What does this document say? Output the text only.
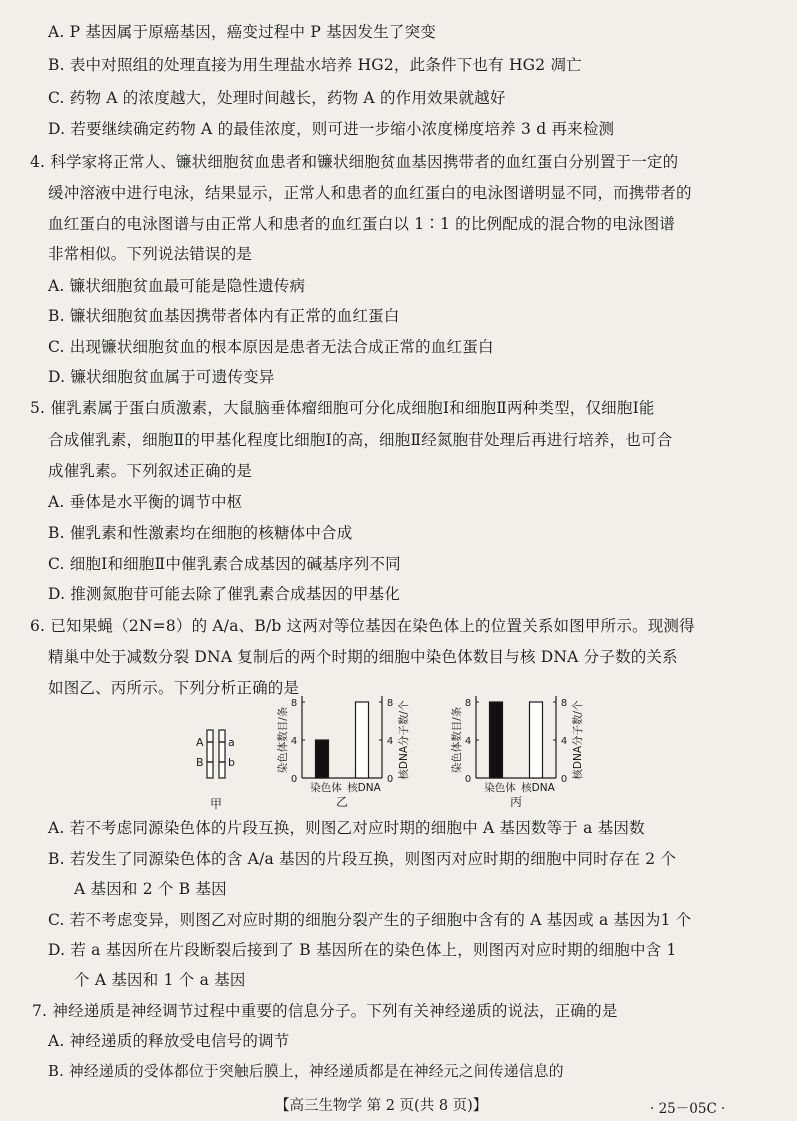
A. P 基因属于原癌基因，癌变过程中 P 基因发生了突变
B. 表中对照组的处理直接为用生理盐水培养 HG2，此条件下也有 HG2 凋亡
C. 药物 A 的浓度越大，处理时间越长，药物 A 的作用效果就越好
D. 若要继续确定药物 A 的最佳浓度，则可进一步缩小浓度梯度培养 3 d 再来检测
4. 科学家将正常人、镰状细胞贫血患者和镰状细胞贫血基因携带者的血红蛋白分别置于一定的
缓冲溶液中进行电泳，结果显示，正常人和患者的血红蛋白的电泳图谱明显不同，而携带者的
血红蛋白的电泳图谱与由正常人和患者的血红蛋白以 1∶1 的比例配成的混合物的电泳图谱
非常相似。下列说法错误的是
A. 镰状细胞贫血最可能是隐性遗传病
B. 镰状细胞贫血基因携带者体内有正常的血红蛋白
C. 出现镰状细胞贫血的根本原因是患者无法合成正常的血红蛋白
D. 镰状细胞贫血属于可遗传变异
5. 催乳素属于蛋白质激素，大鼠脑垂体瘤细胞可分化成细胞Ⅰ和细胞Ⅱ两种类型，仅细胞Ⅰ能
合成催乳素，细胞Ⅱ的甲基化程度比细胞Ⅰ的高，细胞Ⅱ经氮胞苷处理后再进行培养，也可合
成催乳素。下列叙述正确的是
A. 垂体是水平衡的调节中枢
B. 催乳素和性激素均在细胞的核糖体中合成
C. 细胞Ⅰ和细胞Ⅱ中催乳素合成基因的碱基序列不同
D. 推测氮胞苷可能去除了催乳素合成基因的甲基化
6. 已知果蝇（2N=8）的 A/a、B/b 这两对等位基因在染色体上的位置关系如图甲所示。现测得
精巢中处于减数分裂 DNA 复制后的两个时期的细胞中染色体数目与核 DNA 分子数的关系
如图乙、丙所示。下列分析正确的是
A
B
a
b
甲
0	0
4	4
8	8
染色体 核DNA
染色体数目/条	核DNA分子数/个
乙
0	0
4	4
8	8
染色体 核DNA
染色体数目/条	核DNA分子数/个
丙
A. 若不考虑同源染色体的片段互换，则图乙对应时期的细胞中 A 基因数等于 a 基因数
B. 若发生了同源染色体的含 A/a 基因的片段互换，则图丙对应时期的细胞中同时存在 2 个
A 基因和 2 个 B 基因
C. 若不考虑变异，则图乙对应时期的细胞分裂产生的子细胞中含有的 A 基因或 a 基因为1 个
D. 若 a 基因所在片段断裂后接到了 B 基因所在的染色体上，则图丙对应时期的细胞中含 1
个 A 基因和 1 个 a 基因
7. 神经递质是神经调节过程中重要的信息分子。下列有关神经递质的说法，正确的是
A. 神经递质的释放受电信号的调节
B. 神经递质的受体都位于突触后膜上，神经递质都是在神经元之间传递信息的
【高三生物学 第 2 页(共 8 页)】	· 25－05C ·
